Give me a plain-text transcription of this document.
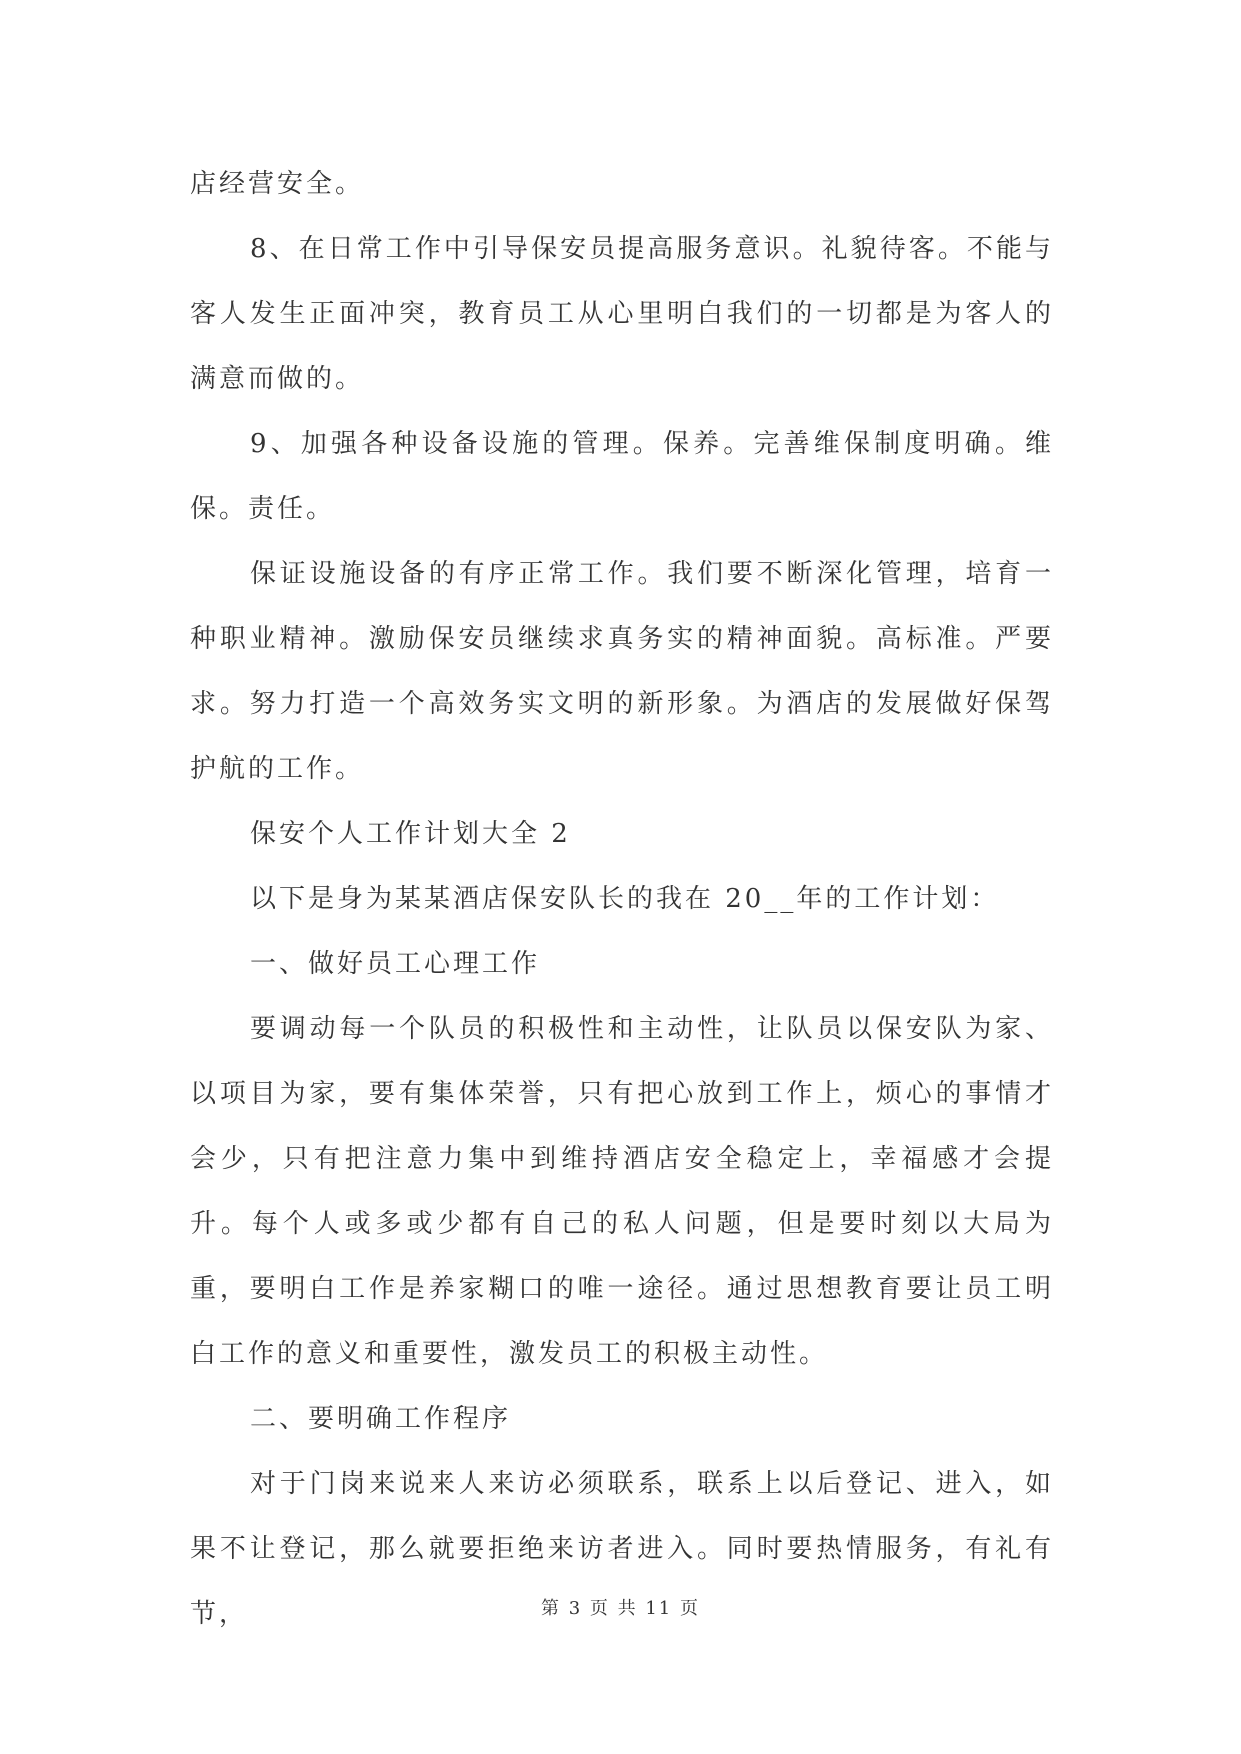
店经营安全。

8、在日常工作中引导保安员提高服务意识。礼貌待客。不能与客人发生正面冲突，教育员工从心里明白我们的一切都是为客人的满意而做的。

9、加强各种设备设施的管理。保养。完善维保制度明确。维保。责任。

保证设施设备的有序正常工作。我们要不断深化管理，培育一种职业精神。激励保安员继续求真务实的精神面貌。高标准。严要求。努力打造一个高效务实文明的新形象。为酒店的发展做好保驾护航的工作。

保安个人工作计划大全 2

以下是身为某某酒店保安队长的我在 20__年的工作计划：

一、做好员工心理工作

要调动每一个队员的积极性和主动性，让队员以保安队为家、以项目为家，要有集体荣誉，只有把心放到工作上，烦心的事情才会少，只有把注意力集中到维持酒店安全稳定上，幸福感才会提升。每个人或多或少都有自己的私人问题，但是要时刻以大局为重，要明白工作是养家糊口的唯一途径。通过思想教育要让员工明白工作的意义和重要性，激发员工的积极主动性。

二、要明确工作程序

对于门岗来说来人来访必须联系，联系上以后登记、进入，如果不让登记，那么就要拒绝来访者进入。同时要热情服务，有礼有节，	第 3 页 共 11 页
